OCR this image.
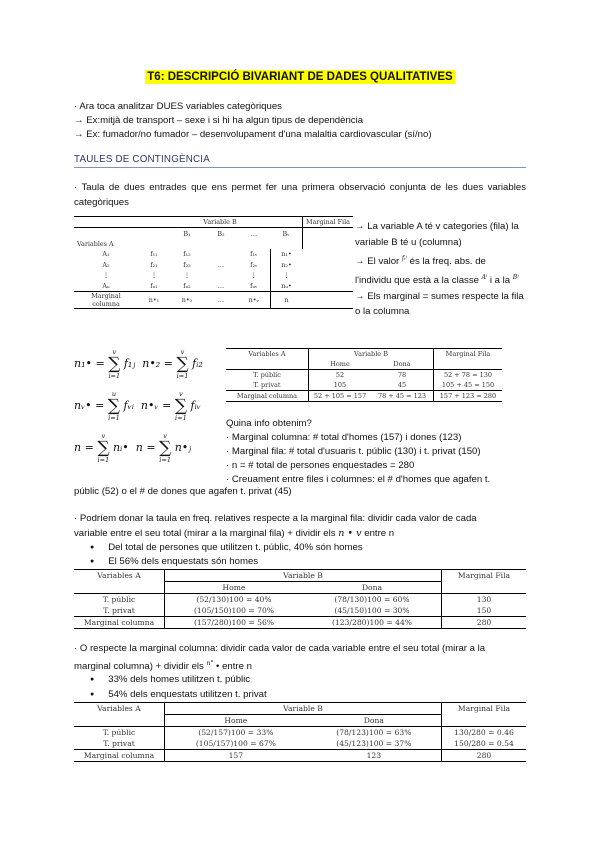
T6: DESCRIPCIÓ BIVARIANT DE DADES QUALITATIVES
· Ara toca analitzar DUES variables categòriques
→ Ex:mitjà de transport – sexe i si hi ha algun tipus de dependència
→ Ex: fumador/no fumador – desenvolupament d'una malaltia cardiovascular (sí/no)
TAULES DE CONTINGÈNCIA
· Taula de dues entrades que ens permet fer una primera observació conjunta de les dues variables categòriques
	Variable B					Marginal Fila
		B₁	B₂	…	Bᵥ	
Variables A						
A₁	f₁₁	f₁₂		f₁ᵥ	n₁•	
A₂	f₂₁	f₂₂	…	f₂ᵥ	n₂•	
⋮	⋮	⋮		⋮	⋮	
Aᵤ	fᵤ₁	fᵤ₂	…	fᵤᵥ	nᵤ•	
Marginal columna	n•₁	n•₂	…	n•ᵥ	n	
→ La variable A té v categories (fila) la variable B té u (columna)
→ El valor $^{fᵢʲ}$ és la freq. abs. de l'individu que està a la classe $^{A^i}$ i a la $^{Bʲ}$
→ Els marginal = sumes respecte la fila o la columna
n₁• =
v
∑
i=1
f₁ⱼ n•₂ =
v
∑
i=1
fᵢ₂
nᵥ• =
u
∑
i=1
fᵥᵢ n•ᵥ =
v
∑
i=1
fᵢᵥ
n =
v
∑
i=1
nᵢ• n =
v
∑
i=1
n•ⱼ
Variables A	Variable B		Marginal Fila
	Home	Dona	
T. públic	52	78	52 + 78 = 130
T. privat	105	45	105 + 45 = 150
Marginal columna	52 + 105 = 157	78 + 45 = 123	157 + 123 = 280
Quina info obtenim?
· Marginal columna: # total d'homes (157) i dones (123)
· Marginal fila: # total d'usuaris t. públic (130) i t. privat (150)
· n = # total de persones enquestades = 280
· Creuament entre files i columnes: el # d'homes que agafen t.
públic (52) o el # de dones que agafen t. privat (45)
· Podríem donar la taula en freq. relatives respecte a la marginal fila: dividir cada valor de cada
variable entre el seu total (mirar a la marginal fila) + dividir els n • v entre n
● Del total de persones que utilitzen t. públic, 40% són homes
● El 56% dels enquestats són homes
Variables A	Variable B		Marginal Fila
	Home	Dona	
T. públic	(52/130)100 = 40%	(78/130)100 = 60%	130
T. privat	(105/150)100 = 70%	(45/150)100 = 30%	150
Marginal columna	(157/280)100 = 56%	(123/280)100 = 44%	280
· O respecte la marginal columna: dividir cada valor de cada variable entre el seu total (mirar a la
marginal columna) + dividir els $^{n^\circ}$ • entre n
● 33% dels homes utilitzen t. públic
● 54% dels enquestats utilitzen t. privat
Variables A	Variable B		Marginal Fila
	Home	Dona	
T. públic	(52/157)100 = 33%	(78/123)100 = 63%	130/280 = 0.46
T. privat	(105/157)100 = 67%	(45/123)100 = 37%	150/280 = 0.54
Marginal columna	157	123	280
